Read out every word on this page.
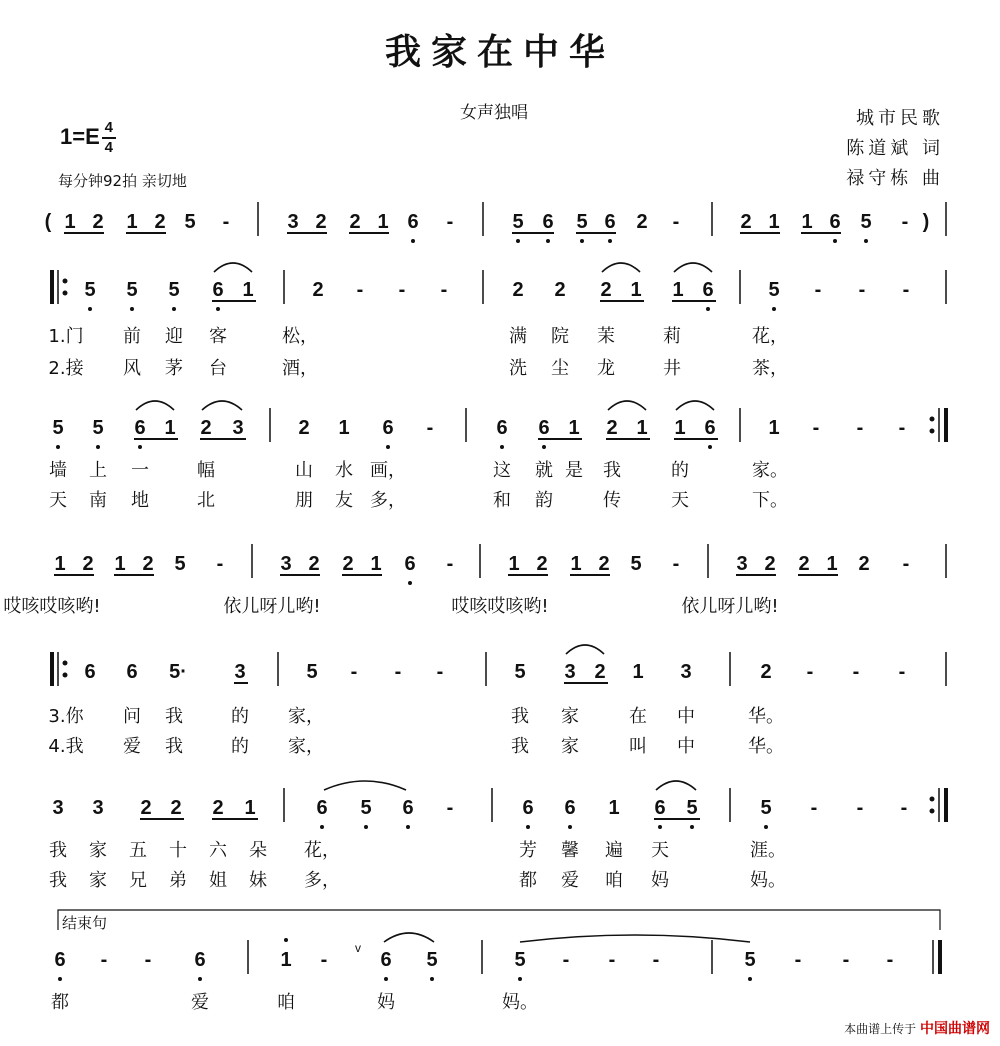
我家在中华
女声独唱
$1=E \frac{4}{4}$
每分钟92拍 亲切地
城市民歌
陈道斌 词
禄守栋 曲
结束句
( 1 2 1 2 5 -	3 2 2 1 6 -	5 6 5 6 2 -	2 1 1 6 5 - )
5 5 5 6 1	2 - - -	2 2 2 1 1 6	5 - - -
1.门 前 迎 客	松，	满 院 茉	莉	花，
2.接 风 茅 台	酒，	洗 尘 龙	井	茶，
5 5 6 1 2 3	2 1 6 -	6 6 1 2 1 1 6	1 - - -
墙 上 一	幅	山 水 画，	这 就 是 我	的	家。
天 南 地	北	朋 友 多，	和 韵	传	天	下。
1 2 1 2 5 -	3 2 2 1 6 -	1 2 1 2 5 -	3 2 2 1 2 -
哎咳哎咳哟!	依儿呀儿哟!	哎咳哎咳哟!	依儿呀儿哟!
6 6 5· 3	5 - - -	5 3 2 1 3	2 - - -
3.你 问 我	的 家，	我 家	在 中	华。
4.我 爱 我	的 家，	我 家	叫 中	华。
3 3 2 2 2 1	6 5 6 -	6 6 1 6 5	5 - - -
我 家 五 十 六 朵 花，	芳 馨 遍 天	涯。
我 家 兄 弟 姐 妹 多，	都 爱 咱 妈	妈。
6 - - 6	1 -	6 5	5 - - -	5 - - -
v
都	爱	咱	妈	妈。
本曲谱上传于 中国曲谱网
